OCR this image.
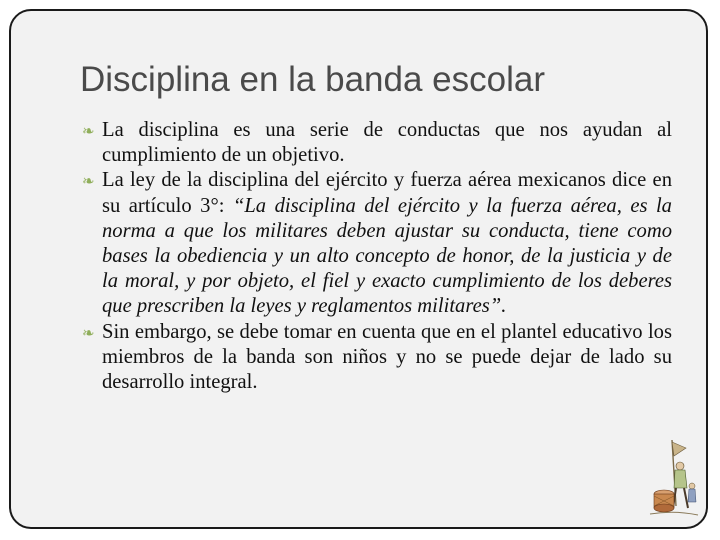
Disciplina en la banda escolar

❧ La disciplina es una serie de conductas que nos ayudan al cumplimiento de un objetivo.

❧ La ley de la disciplina del ejército y fuerza aérea mexicanos dice en su artículo 3°: “La disciplina del ejército y la fuerza aérea, es la norma a que los militares deben ajustar su conducta, tiene como bases la obediencia y un alto concepto de honor, de la justicia y de la moral, y por objeto, el fiel y exacto cumplimiento de los deberes que prescriben la leyes y reglamentos militares”.

❧ Sin embargo, se debe tomar en cuenta que en el plantel educativo los miembros de la banda son niños y no se puede dejar de lado su desarrollo integral.
